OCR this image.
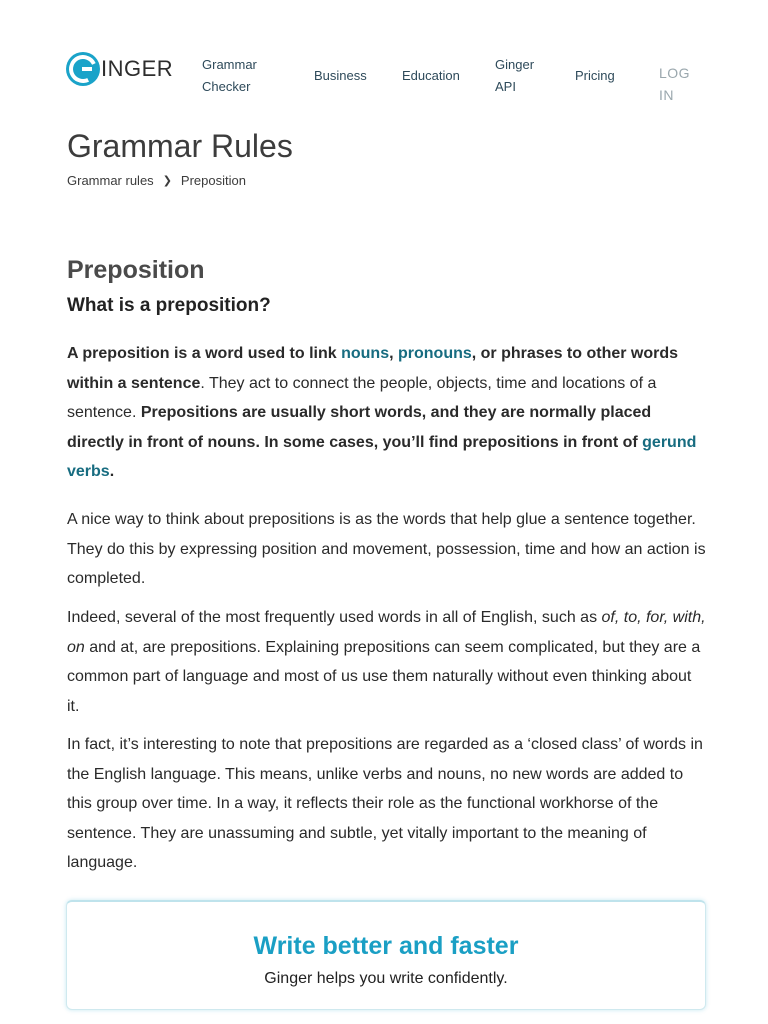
INGER Grammar
Checker
Business	Education
Ginger
API
Pricing	LOG
IN
Grammar Rules
Grammar rules ❯ Preposition
Preposition
What is a preposition?

A preposition is a word used to link nouns, pronouns, or phrases to other words within a sentence. They act to connect the people, objects, time and locations of a sentence. Prepositions are usually short words, and they are normally placed directly in front of nouns. In some cases, you’ll find prepositions in front of gerund verbs.

A nice way to think about prepositions is as the words that help glue a sentence together. They do this by expressing position and movement, possession, time and how an action is completed.

Indeed, several of the most frequently used words in all of English, such as of, to, for, with, on and at, are prepositions. Explaining prepositions can seem complicated, but they are a common part of language and most of us use them naturally without even thinking about it.

In fact, it’s interesting to note that prepositions are regarded as a ‘closed class’ of words in the English language. This means, unlike verbs and nouns, no new words are added to this group over time. In a way, it reflects their role as the functional workhorse of the sentence. They are unassuming and subtle, yet vitally important to the meaning of language.

Write better and faster
Ginger helps you write confidently.
